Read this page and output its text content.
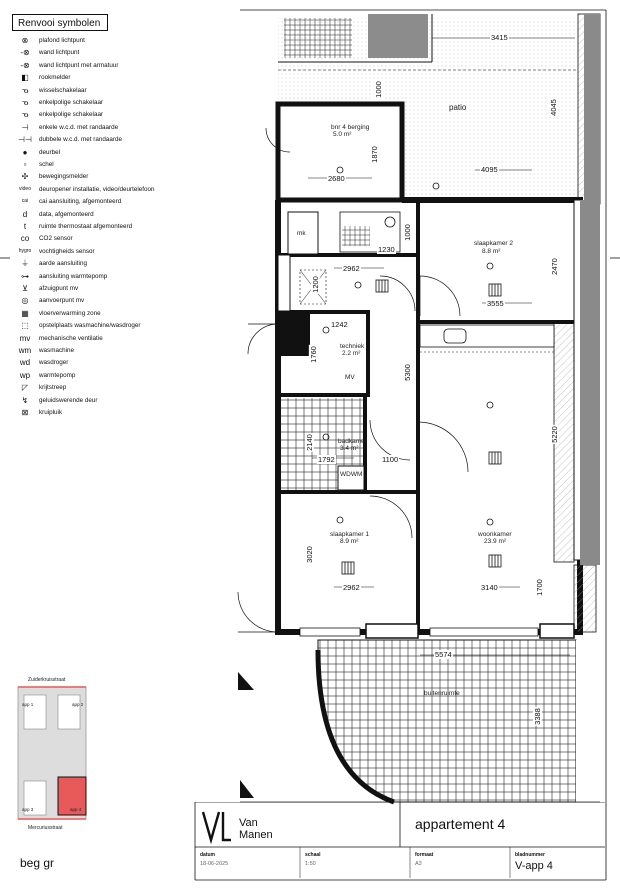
Renvooi symbolen
⊗	plafond lichtpunt
-⊗	wand lichtpunt
-⊗	wand lichtpunt met armatuur
◧	rookmelder
ᓀ	wisselschakelaar
ᓀ	enkelpolige schakelaar
ᓀ	enkelpolige schakelaar
⊣	enkele w.c.d. met randaarde
⊣⊣	dubbele w.c.d. met randaarde
●	deurbel
▫	schel
✣	bewegingsmelder
video	deuropener installatie, video/deurtelefoon
cai	cai aansluiting, afgemonteerd
d	data, afgemonteerd
t	ruimte thermostaat afgemonteerd
co	CO2 sensor
hygro	vochtigheids sensor
⏚	aarde aansluiting
⊶	aansluiting warmtepomp
⊻	afzuigpunt mv
◎	aanvoerpunt mv
▦	vloerverwarming zone
⬚	opstelplaats wasmachine/wasdroger
mv	mechanische ventilatie
wm	wasmachine
wd	wasdroger
wp	warmtepomp
◸	krijtstreep
↯	geluidswerende deur
⊠	kruipluik
patio
bnr 4 berging
5.0 m²
slaapkamer 2
8.8 m²
techniek
2.2 m²
badkamer
3.4 m²
slaapkamer 1
8.9 m²
woonkamer
23.9 m²
buitenruimte
mk
MV
WDWM
3415
1000
4045
1870
2680
4095
1000
1230
2962	2470
3555
1200
1242
1760
5300
5220
2140
1792	1100
3020
2962	3140	1700
5574
3388
Zuiderkruisstraat
app 1	app 2
app 3	app 4
Mercuriusstraat
beg gr
Van
Manen
appartement 4
datum
18-06-2025
schaal
1:50
formaat
A3
bladnummer
V-app 4
